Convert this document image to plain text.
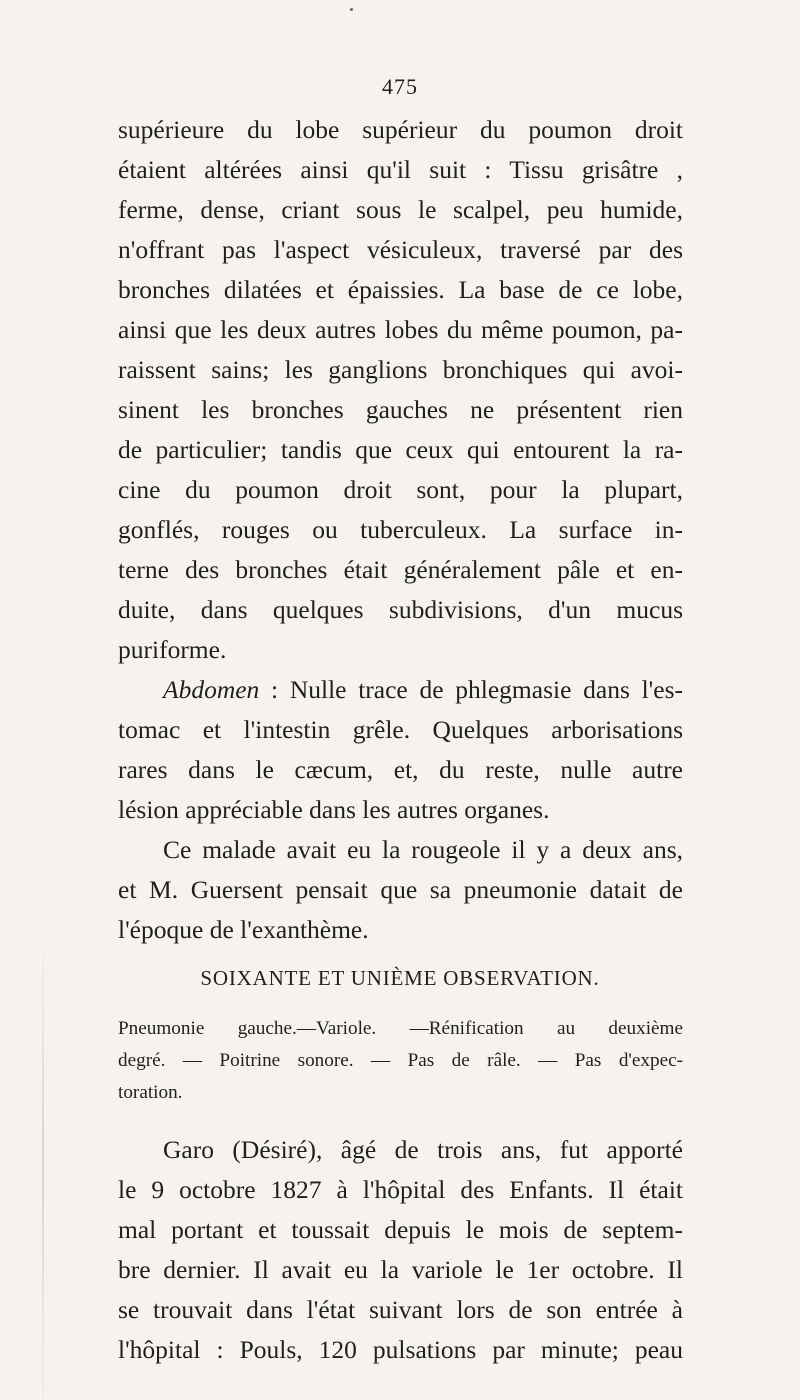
475
supérieure du lobe supérieur du poumon droit
étaient altérées ainsi qu'il suit : Tissu grisâtre ,
ferme, dense, criant sous le scalpel, peu humide,
n'offrant pas l'aspect vésiculeux, traversé par des
bronches dilatées et épaissies. La base de ce lobe,
ainsi que les deux autres lobes du même poumon, pa-
raissent sains; les ganglions bronchiques qui avoi-
sinent les bronches gauches ne présentent rien
de particulier; tandis que ceux qui entourent la ra-
cine du poumon droit sont, pour la plupart,
gonflés, rouges ou tuberculeux. La surface in-
terne des bronches était généralement pâle et en-
duite, dans quelques subdivisions, d'un mucus
puriforme.
Abdomen : Nulle trace de phlegmasie dans l'es-
tomac et l'intestin grêle. Quelques arborisations
rares dans le cæcum, et, du reste, nulle autre
lésion appréciable dans les autres organes.
Ce malade avait eu la rougeole il y a deux ans,
et M. Guersent pensait que sa pneumonie datait de
l'époque de l'exanthème.
SOIXANTE ET UNIÈME OBSERVATION.
Pneumonie gauche.—Variole. —Rénification au deuxième
degré. — Poitrine sonore. — Pas de râle. — Pas d'expec-
toration.
Garo (Désiré), âgé de trois ans, fut apporté
le 9 octobre 1827 à l'hôpital des Enfants. Il était
mal portant et toussait depuis le mois de septem-
bre dernier. Il avait eu la variole le 1er octobre. Il
se trouvait dans l'état suivant lors de son entrée à
l'hôpital : Pouls, 120 pulsations par minute; peau
